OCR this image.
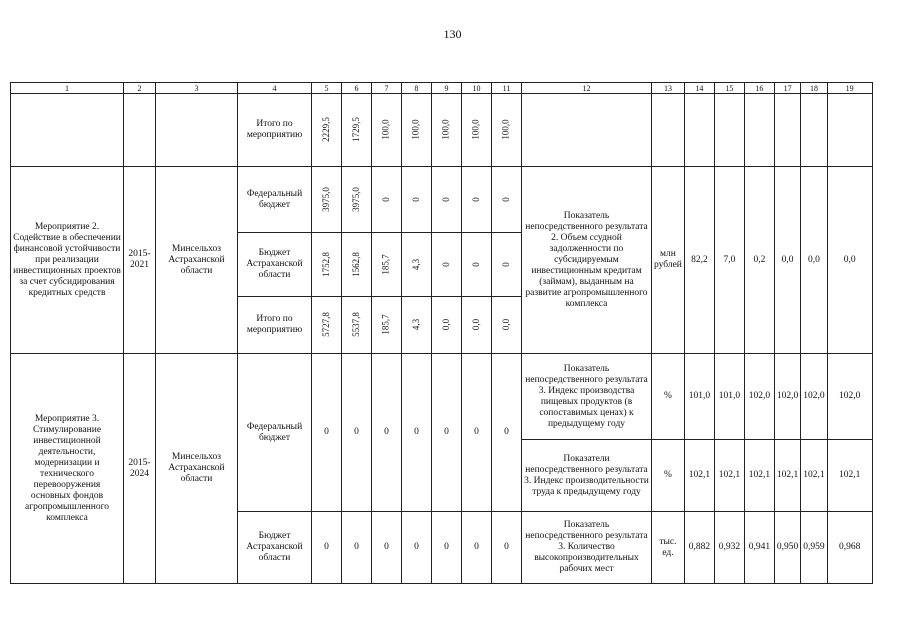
130
1	2	3	4	5	6	7	8	9	10	11	12	13	14	15	16	17	18	19
			Итого по мероприятию	2229,5	1729,5	100,0	100,0	100,0	100,0	100,0								
Мероприятие 2. Содействие в обеспечении финансовой устойчивости при реализации инвестиционных проектов за счет субсидирования кредитных средств	2015-2021	Минсельхоз Астраханской области	Федеральный бюджет	3975,0	3975,0	0	0	0	0	0	Показатель непосредственного результата 2. Объем ссудной задолженности по субсидируемым инвестиционным кредитам (займам), выданным на развитие агропромышленного комплекса	млн рублей	82,2	7,0	0,2	0,0	0,0	0,0
			Бюджет Астраханской области	1752,8	1562,8	185,7	4,3	0	0	0								
			Итого по мероприятию	5727,8	5537,8	185,7	4,3	0,0	0,0	0,0								
Мероприятие 3. Стимулирование инвестиционной деятельности, модернизации и технического перевооружения основных фондов агропромышленного комплекса	2015-2024	Минсельхоз Астраханской области	Федеральный бюджет	0	0	0	0	0	0	0	Показатель непосредственного результата 3. Индекс производства пищевых продуктов (в сопоставимых ценах) к предыдущему году	%	101,0	101,0	102,0	102,0	102,0	102,0
											Показатели непосредственного результата 3. Индекс производительности труда к предыдущему году	%	102,1	102,1	102,1	102,1	102,1	102,1
			Бюджет Астраханской области	0	0	0	0	0	0	0	Показатель непосредственного результата 3. Количество высокопроизводительных рабочих мест	тыс. ед.	0,882	0,932	0,941	0,950	0,959	0,968
